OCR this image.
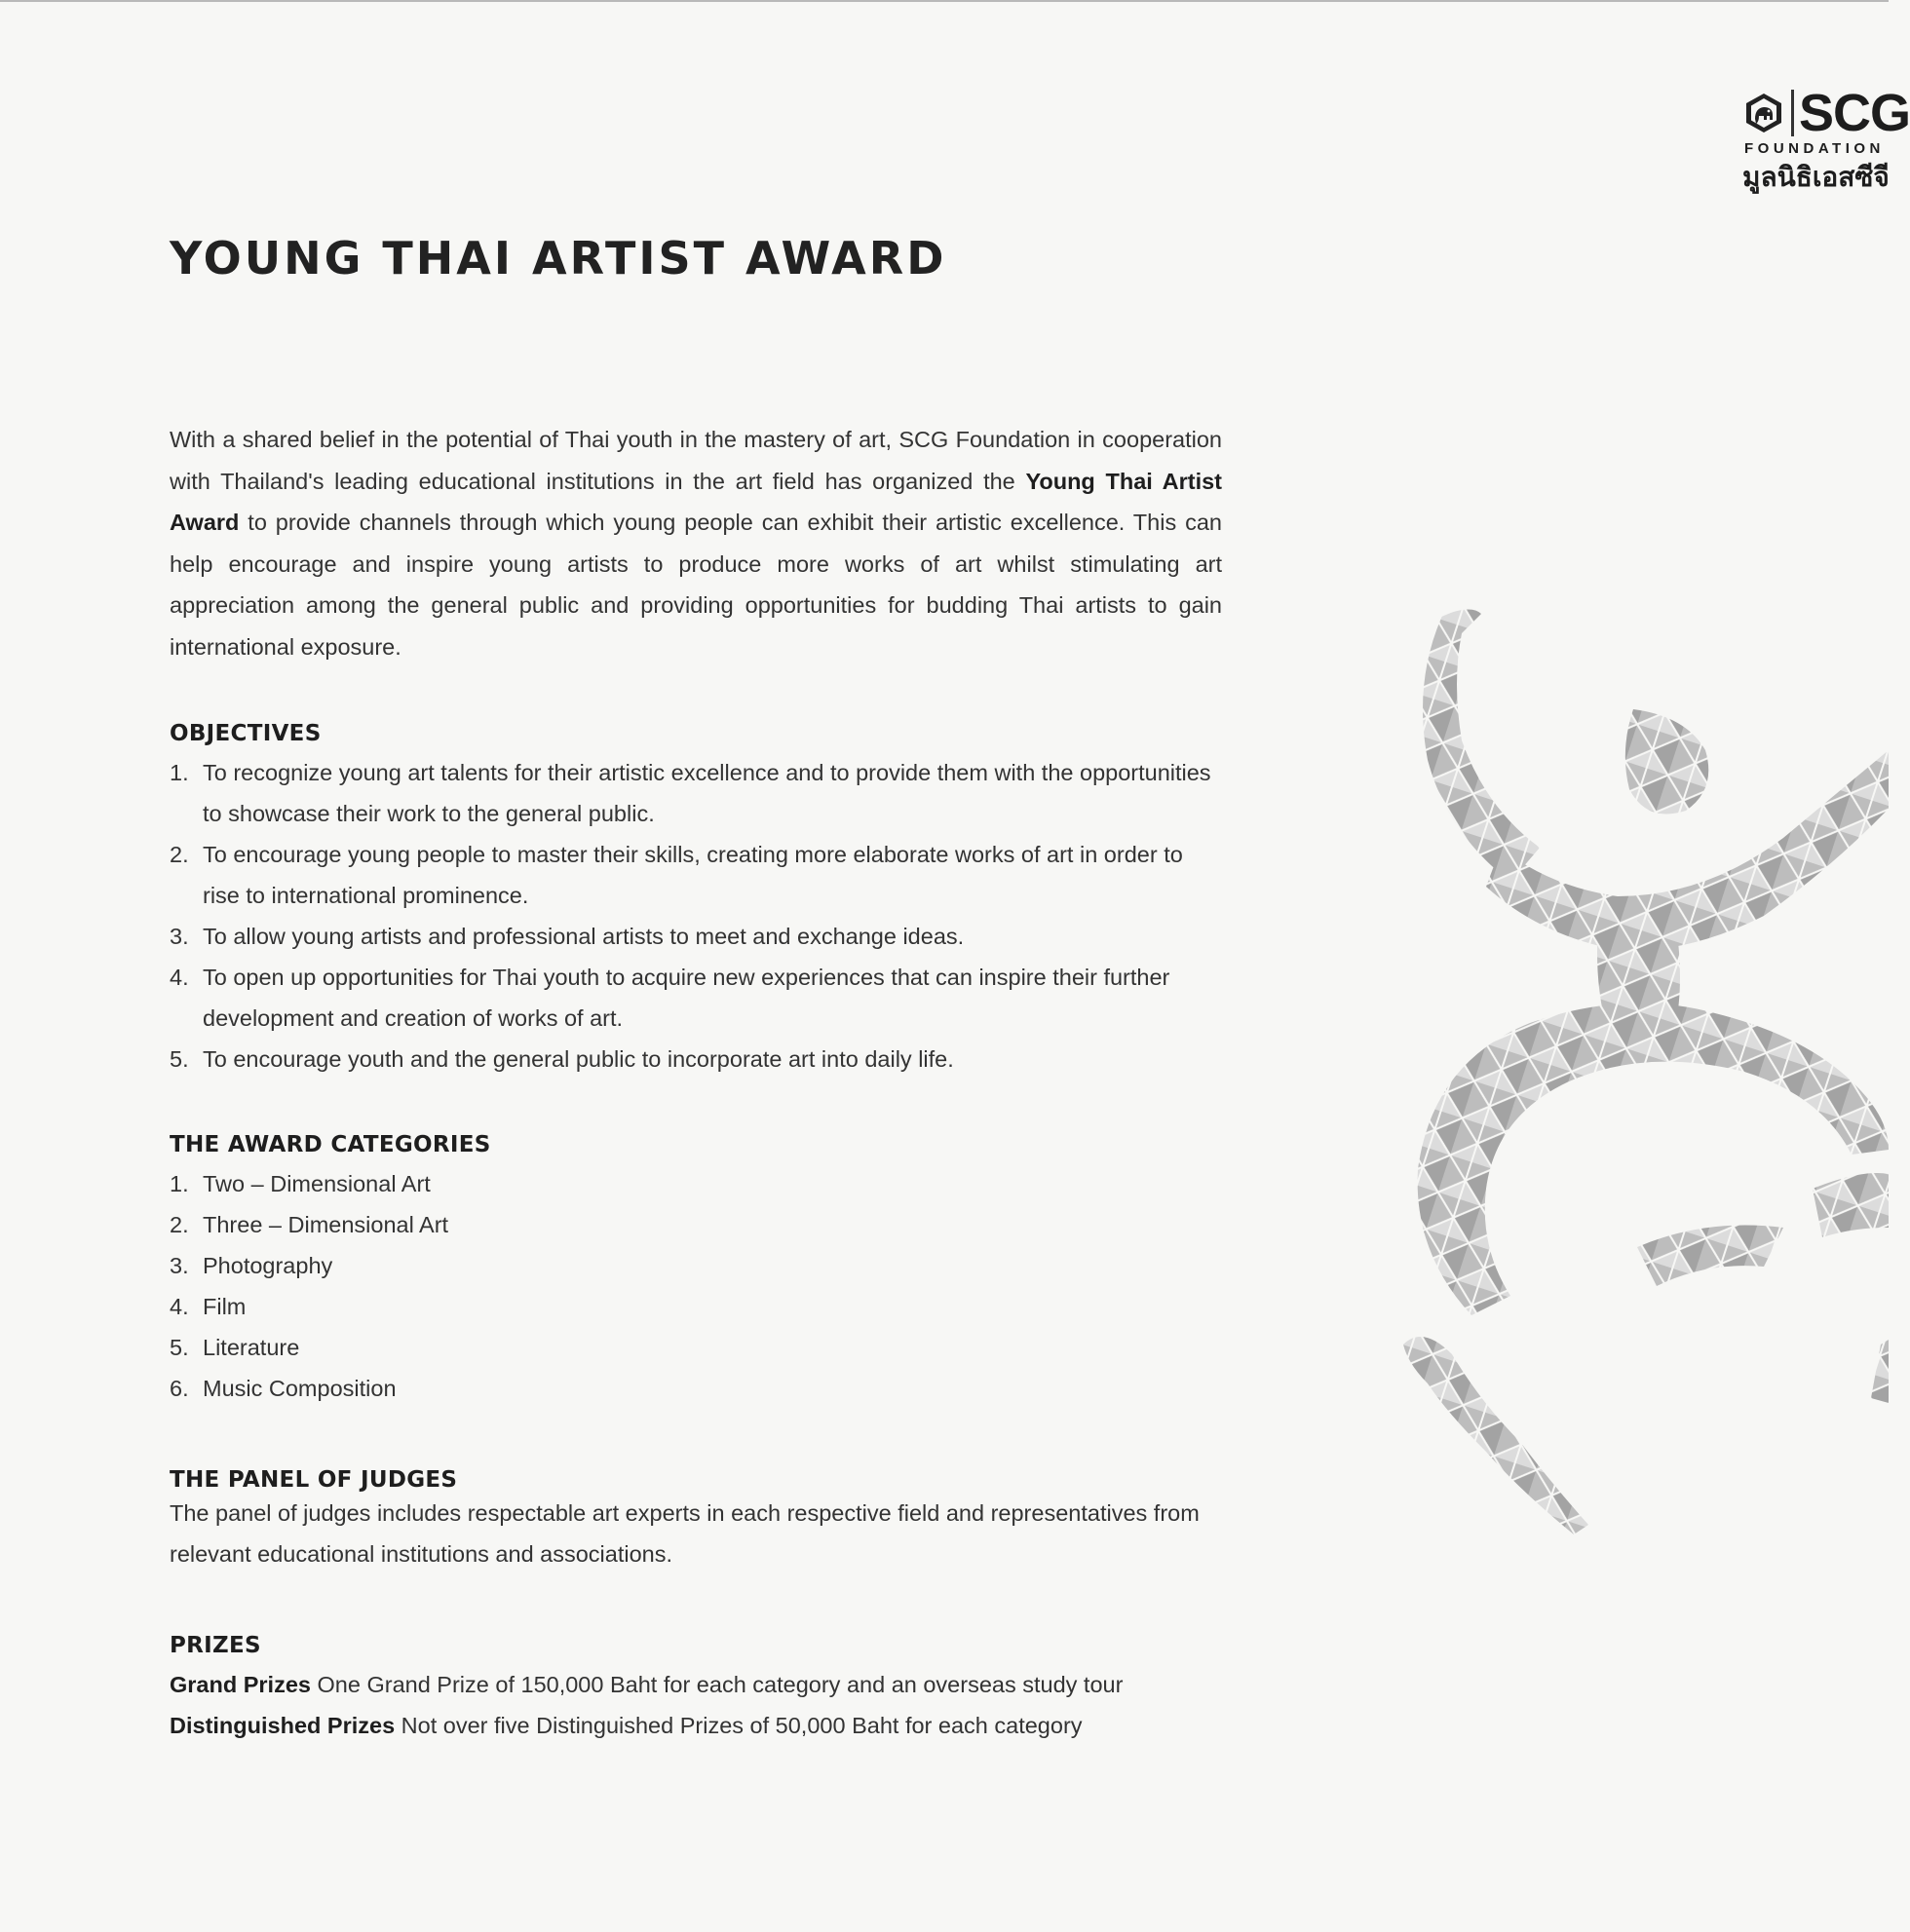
SCG
FOUNDATION
มูลนิธิเอสซีจี
YOUNG THAI ARTIST AWARD

With a shared belief in the potential of Thai youth in the mastery of art, SCG Foundation in cooperation with Thailand's leading educational institutions in the art field has organized the Young Thai Artist Award to provide channels through which young people can exhibit their artistic excellence. This can help encourage and inspire young artists to produce more works of art whilst stimulating art appreciation among the general public and providing opportunities for budding Thai artists to gain international exposure.

OBJECTIVES
1. To recognize young art talents for their artistic excellence and to provide them with the opportunities to showcase their work to the general public.
2. To encourage young people to master their skills, creating more elaborate works of art in order to rise to international prominence.
3. To allow young artists and professional artists to meet and exchange ideas.
4. To open up opportunities for Thai youth to acquire new experiences that can inspire their further development and creation of works of art.
5. To encourage youth and the general public to incorporate art into daily life.
THE AWARD CATEGORIES
1. Two – Dimensional Art
2. Three – Dimensional Art
3. Photography
4. Film
5. Literature
6. Music Composition
THE PANEL OF JUDGES

The panel of judges includes respectable art experts in each respective field and representatives from relevant educational institutions and associations.

PRIZES

Grand Prizes One Grand Prize of 150,000 Baht for each category and an overseas study tour

Distinguished Prizes Not over five Distinguished Prizes of 50,000 Baht for each category
